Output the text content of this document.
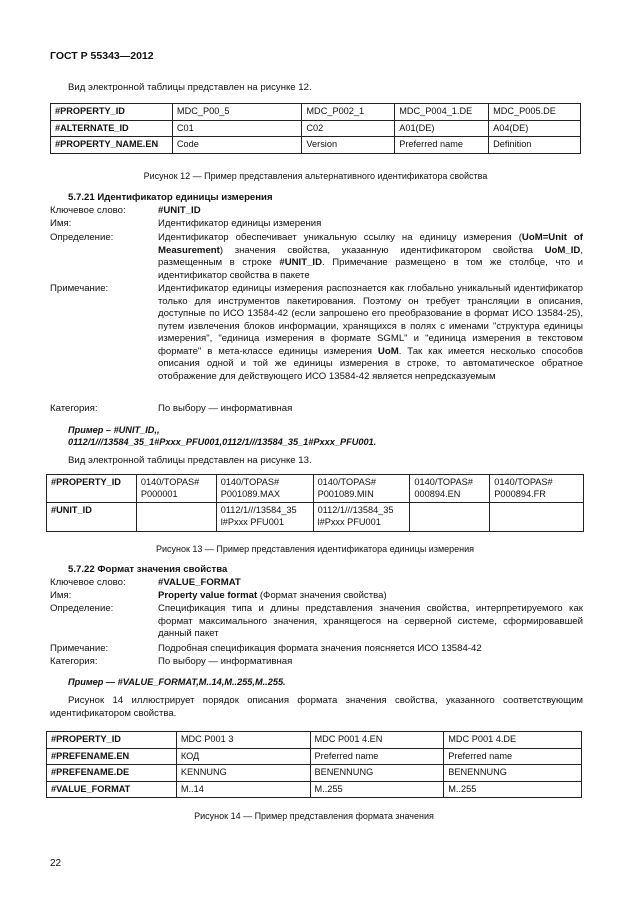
ГОСТ Р 55343—2012
Вид электронной таблицы представлен на рисунке 12.
#PROPERTY_ID	MDC_P00_5	MDC_P002_1	MDC_P004_1.DE	MDC_P005.DE
#ALTERNATE_ID	C01	C02	A01(DE)	A04(DE)
#PROPERTY_NAME.EN	Code	Version	Preferred name	Definition
Рисунок 12 — Пример представления альтернативного идентификатора свойства
5.7.21 Идентификатор единицы измерения
Ключевое слово:	#UNIT_ID
Имя:	Идентификатор единицы измерения
Определение:	Идентификатор обеспечивает уникальную ссылку на единицу измерения (UoM=Unit of Measurement) значения свойства, указанную идентификатором свойства UoM_ID, размещенным в строке #UNIT_ID. Примечание размещено в том же столбце, что и идентификатор свойства в пакете
Примечание:	Идентификатор единицы измерения распознается как глобально уникальный идентификатор только для инструментов пакетирования. Поэтому он требует трансляции в описания, доступные по ИСО 13584-42 (если запрошено его преобразование в формат ИСО 13584-25), путем извлечения блоков информации, хранящихся в полях с именами "структура единицы измерения", "единица измерения в формате SGML" и "единица измерения в текстовом формате" в мета-классе единицы измерения UoM. Так как имеется несколько способов описания одной и той же единицы измерения в строке, то автоматическое обратное отображение для действующего ИСО 13584-42 является непредсказуемым
Категория:	По выбору — информативная
Пример – #UNIT_ID,,
0112/1///13584_35_1#Pxxx_PFU001,0112/1///13584_35_1#Pxxx_PFU001.
Вид электронной таблицы представлен на рисунке 13.
#PROPERTY_ID	0140/TOPAS# P000001	0140/TOPAS# P001089.MAX	0140/TOPAS# P001089.MIN	0140/TOPAS# 000894.EN	0140/TOPAS# P000894.FR
#UNIT_ID		0112/1///13584_35 l#Pxxx PFU001	0112/1///13584_35 l#Pxxx PFU001		
Рисунок 13 — Пример представления идентификатора единицы измерения
5.7.22 Формат значения свойства
Ключевое слово:	#VALUE_FORMAT
Имя:	Property value format (Формат значения свойства)
Определение:	Спецификация типа и длины представления значения свойства, интерпретируемого как формат максимального значения, хранящегося на серверной системе, сформировавшей данный пакет
Примечание:	Подробная спецификация формата значения поясняется ИСО 13584-42
Категория:	По выбору — информативная
Пример — #VALUE_FORMAT,M..14,M..255,M..255.
Рисунок 14 иллюстрирует порядок описания формата значения свойства, указанного соответствующим идентификатором свойства.
#PROPERTY_ID	MDC P001 3	MDC P001 4.EN	MDC P001 4.DE
#PREFENAME.EN	КОД	Preferred name	Preferred name
#PREFENAME.DE	KENNUNG	BENENNUNG	BENENNUNG
#VALUE_FORMAT	M..14	M..255	M..255
Рисунок 14 — Пример представления формата значения
22
